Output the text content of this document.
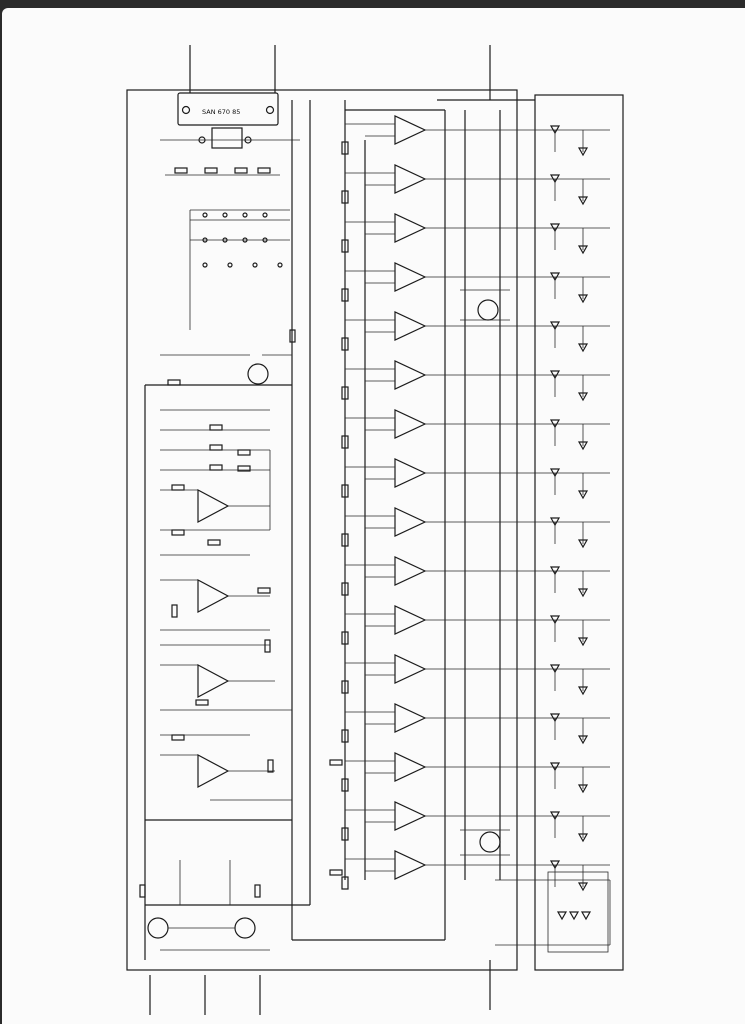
SAN 670 85
